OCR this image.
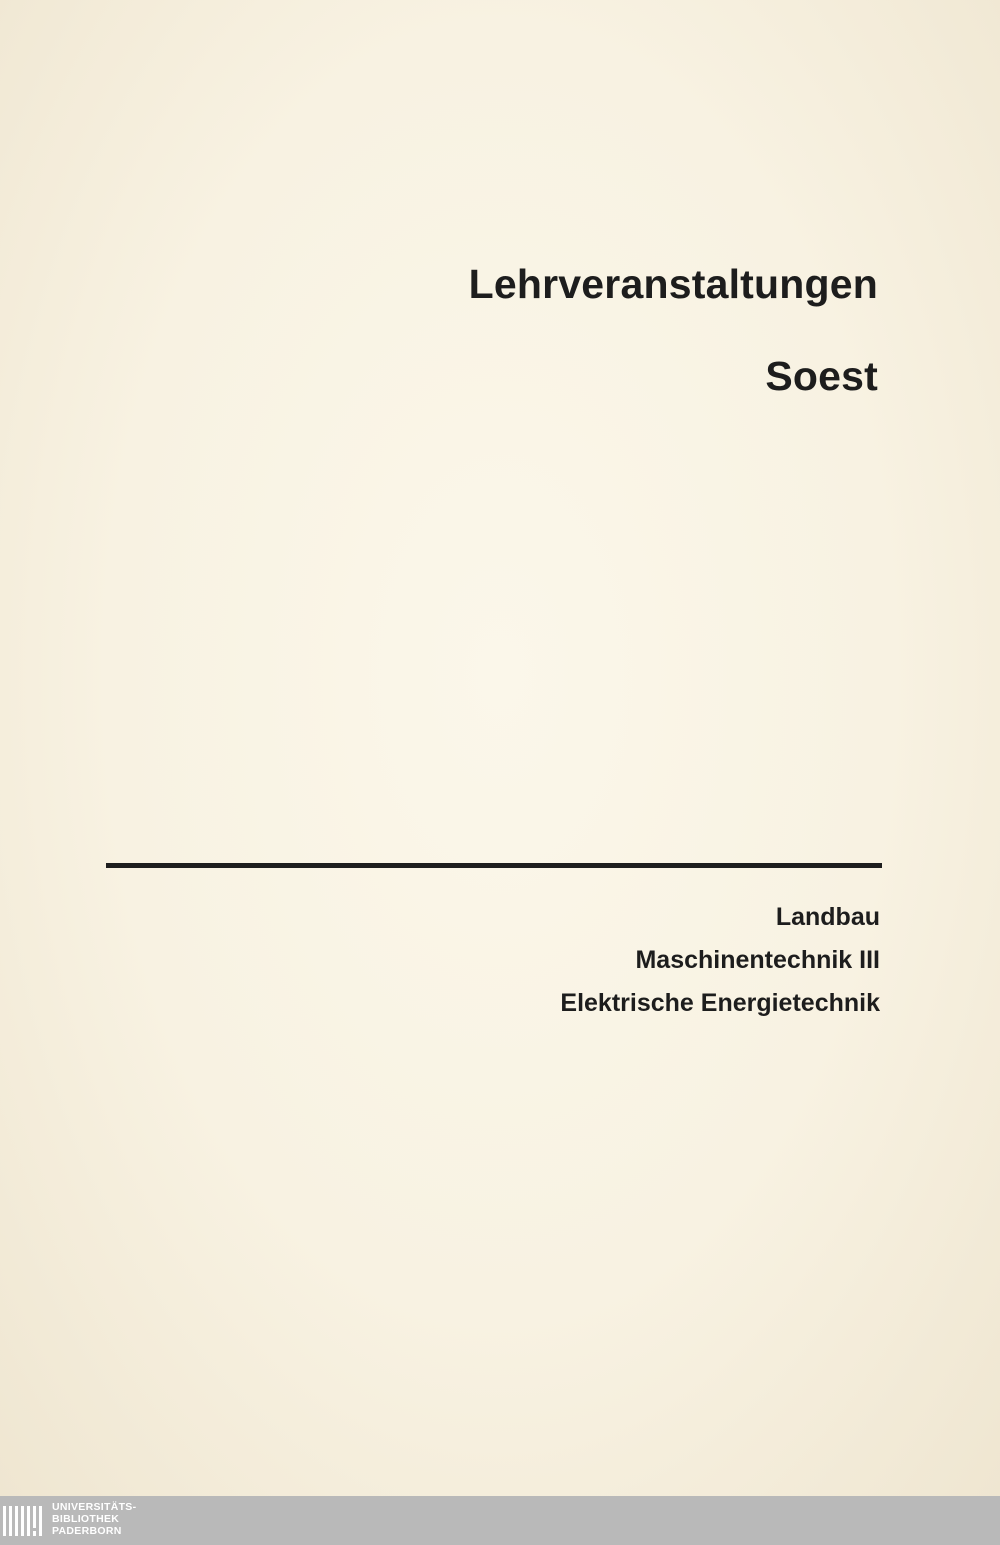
Lehrveranstaltungen
Soest
Landbau
Maschinentechnik III
Elektrische Energietechnik
UNIVERSITÄTS-
BIBLIOTHEK
PADERBORN
